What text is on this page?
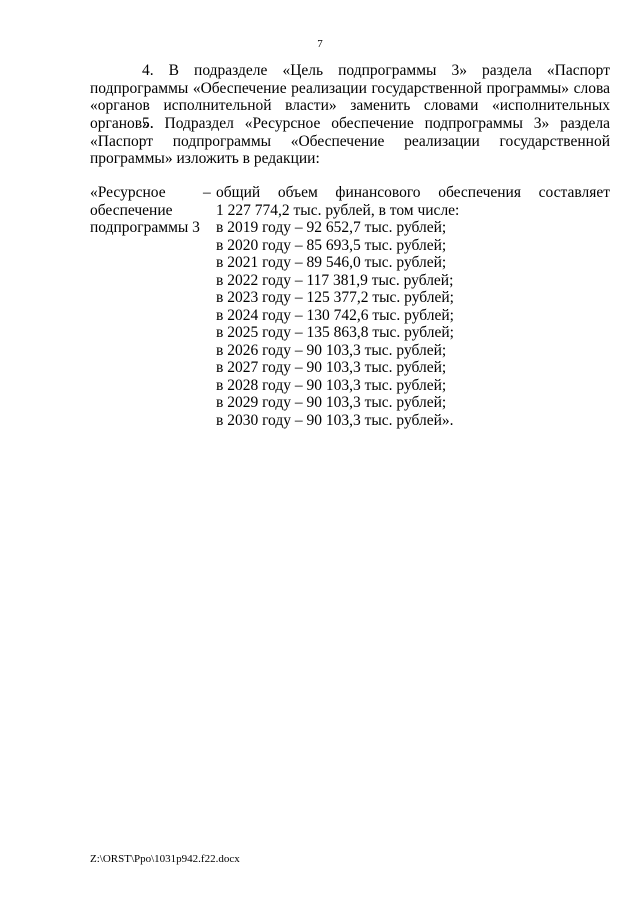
7

4. В подразделе «Цель подпрограммы 3» раздела «Паспорт подпрограммы «Обеспечение реализации государственной программы» слова «органов исполнительной власти» заменить словами «исполнительных органов».

5. Подраздел «Ресурсное обеспечение подпрограммы 3» раздела «Паспорт подпрограммы «Обеспечение реализации государственной программы» изложить в редакции:

«Ресурсное
обеспечение
подпрограммы 3
– общий объем финансового обеспечения составляет
1 227 774,2 тыс. рублей, в том числе:
в 2019 году – 92 652,7 тыс. рублей;
в 2020 году – 85 693,5 тыс. рублей;
в 2021 году – 89 546,0 тыс. рублей;
в 2022 году – 117 381,9 тыс. рублей;
в 2023 году – 125 377,2 тыс. рублей;
в 2024 году – 130 742,6 тыс. рублей;
в 2025 году – 135 863,8 тыс. рублей;
в 2026 году – 90 103,3 тыс. рублей;
в 2027 году – 90 103,3 тыс. рублей;
в 2028 году – 90 103,3 тыс. рублей;
в 2029 году – 90 103,3 тыс. рублей;
в 2030 году – 90 103,3 тыс. рублей».
Z:\ORST\Ppo\1031p942.f22.docx
